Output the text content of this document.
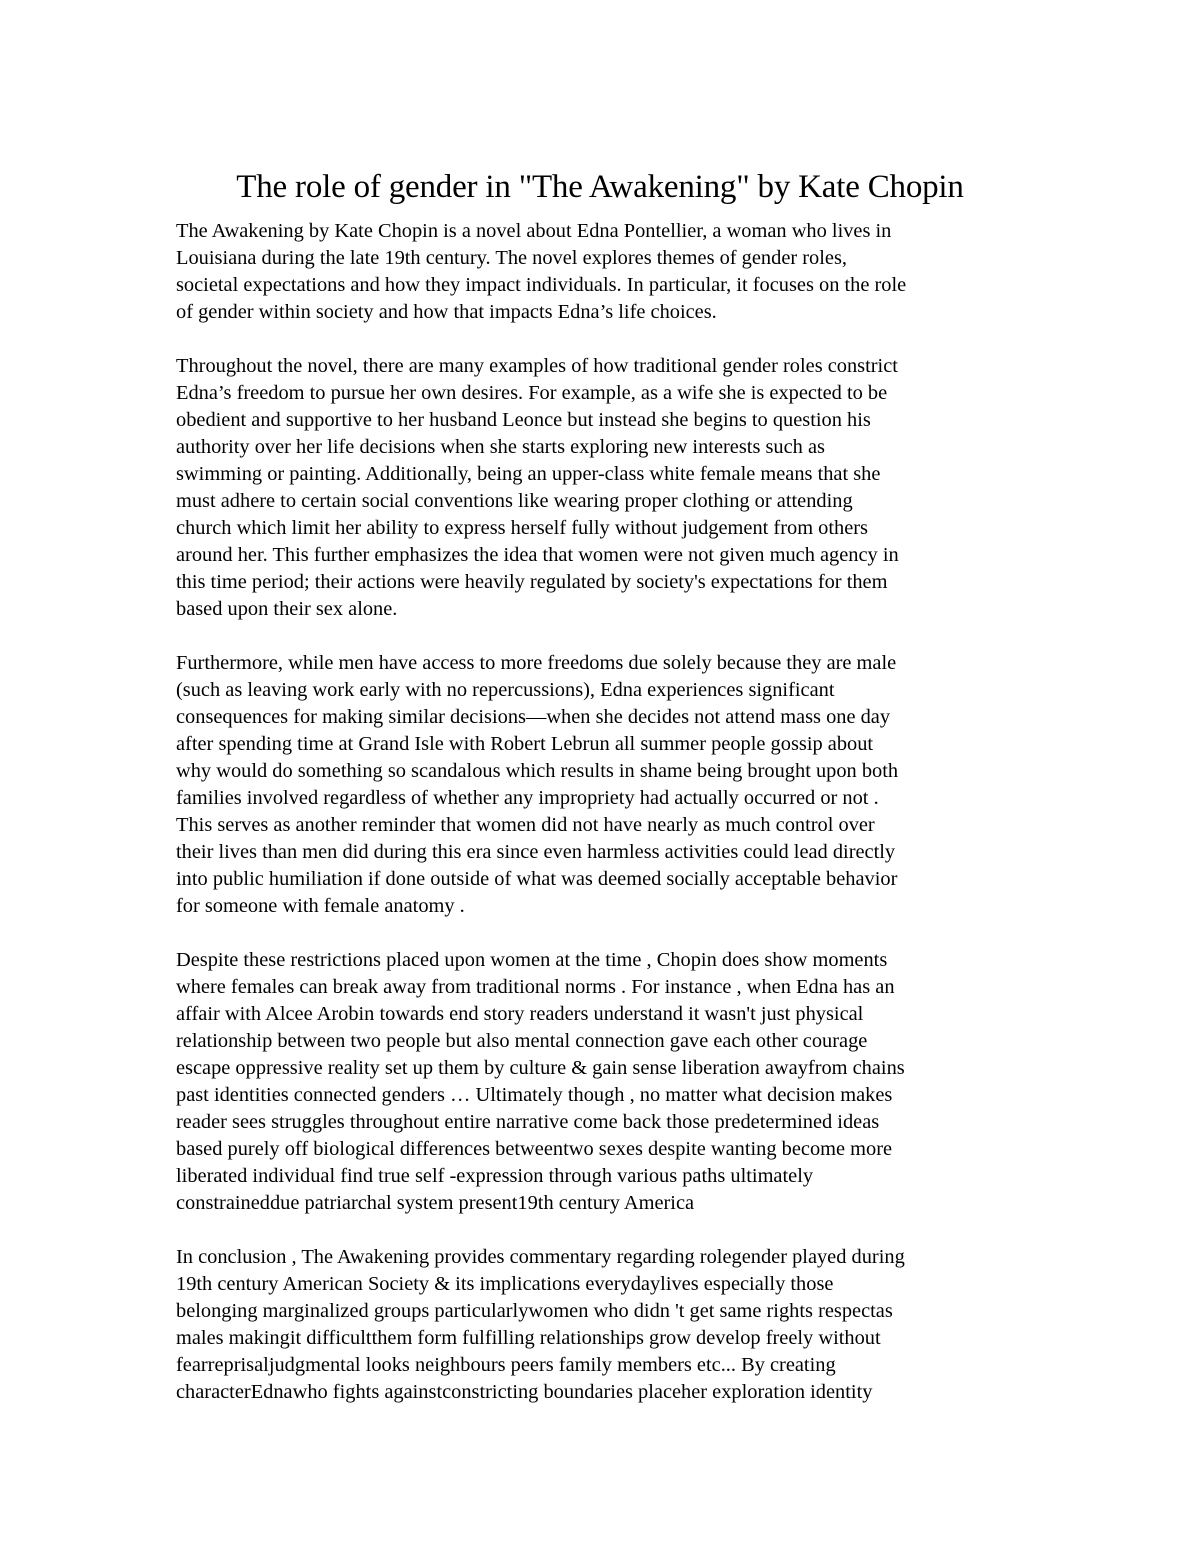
The role of gender in "The Awakening" by Kate Chopin

The Awakening by Kate Chopin is a novel about Edna Pontellier, a woman who lives in
Louisiana during the late 19th century. The novel explores themes of gender roles,
societal expectations and how they impact individuals. In particular, it focuses on the role
of gender within society and how that impacts Edna’s life choices.

Throughout the novel, there are many examples of how traditional gender roles constrict
Edna’s freedom to pursue her own desires. For example, as a wife she is expected to be
obedient and supportive to her husband Leonce but instead she begins to question his
authority over her life decisions when she starts exploring new interests such as
swimming or painting. Additionally, being an upper-class white female means that she
must adhere to certain social conventions like wearing proper clothing or attending
church which limit her ability to express herself fully without judgement from others
around her. This further emphasizes the idea that women were not given much agency in
this time period; their actions were heavily regulated by society's expectations for them
based upon their sex alone.

Furthermore, while men have access to more freedoms due solely because they are male
(such as leaving work early with no repercussions), Edna experiences significant
consequences for making similar decisions—when she decides not attend mass one day
after spending time at Grand Isle with Robert Lebrun all summer people gossip about
why would do something so scandalous which results in shame being brought upon both
families involved regardless of whether any impropriety had actually occurred or not .
This serves as another reminder that women did not have nearly as much control over
their lives than men did during this era since even harmless activities could lead directly
into public humiliation if done outside of what was deemed socially acceptable behavior
for someone with female anatomy .

Despite these restrictions placed upon women at the time , Chopin does show moments
where females can break away from traditional norms . For instance , when Edna has an
affair with Alcee Arobin towards end story readers understand it wasn't just physical
relationship between two people but also mental connection gave each other courage
escape oppressive reality set up them by culture & gain sense liberation awayfrom chains
past identities connected genders … Ultimately though , no matter what decision makes
reader sees struggles throughout entire narrative come back those predetermined ideas
based purely off biological differences betweentwo sexes despite wanting become more
liberated individual find true self -expression through various paths ultimately
constraineddue patriarchal system present19th century America

In conclusion , The Awakening provides commentary regarding rolegender played during
19th century American Society & its implications everydaylives especially those
belonging marginalized groups particularlywomen who didn 't get same rights respectas
males makingit difficultthem form fulfilling relationships grow develop freely without
fearreprisaljudgmental looks neighbours peers family members etc... By creating
characterEdnawho fights againstconstricting boundaries placeher exploration identity
